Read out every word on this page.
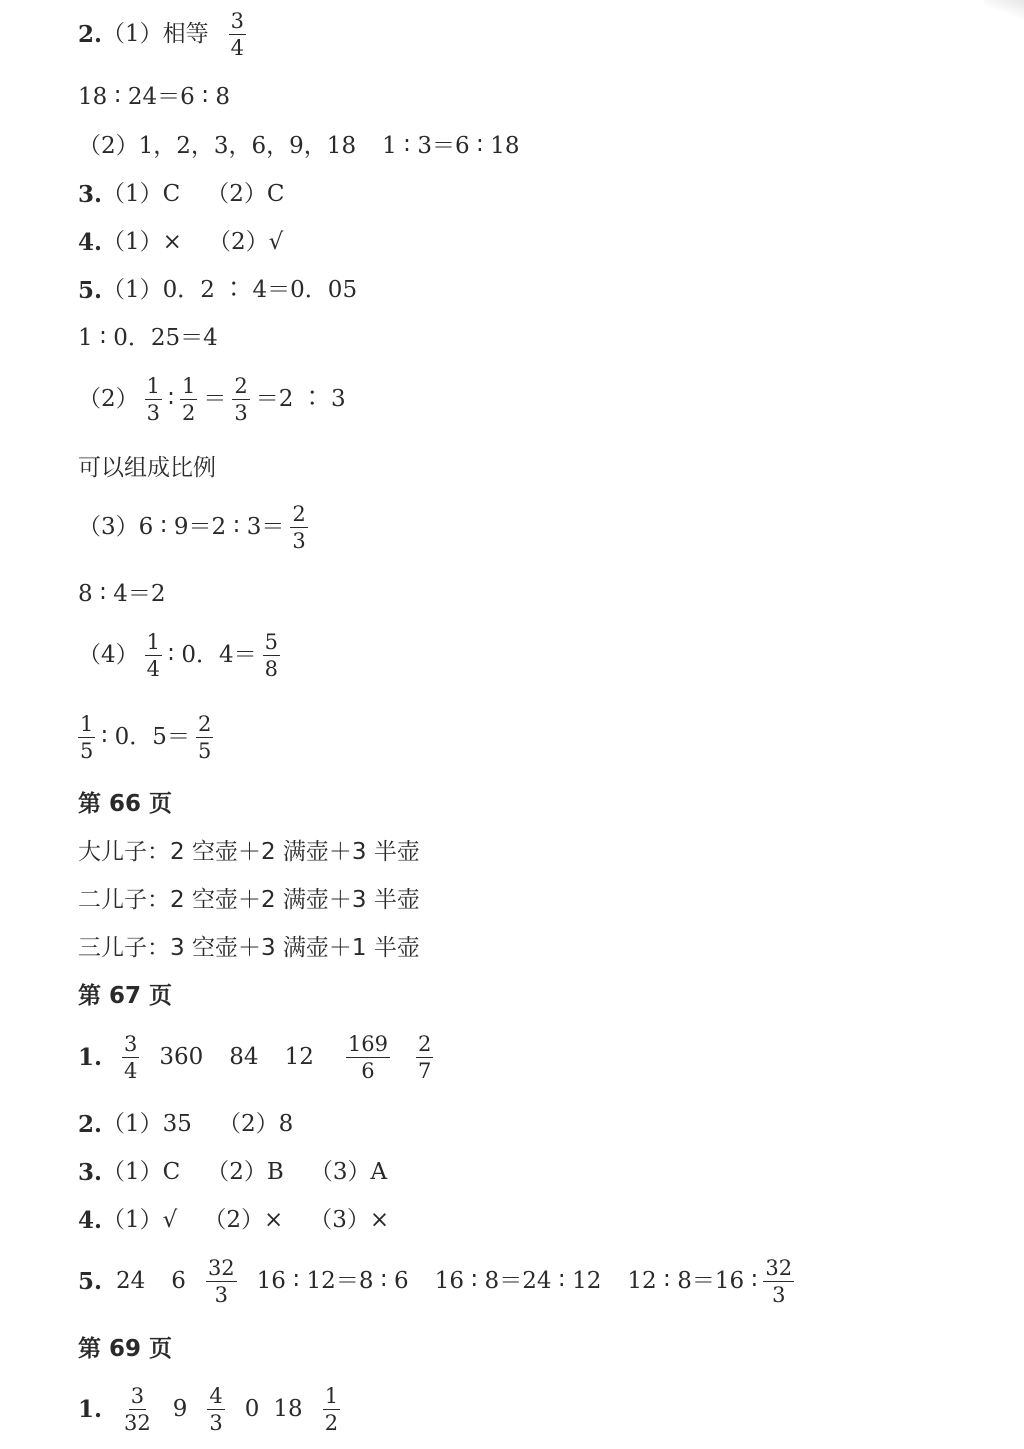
2. （1） 相等 $\frac{3}{4}$
18 ∶ 24＝6 ∶ 8
（2） 1，2，3，6，9，18 1 ∶ 3＝6 ∶ 18
3. （1） C （2） C
4. （1） × （2） √
5. （1） 0．2 ∶ 4＝0．05
1 ∶ 0．25＝4
$(2) \frac{1}{3}$ ∶ $\frac{1}{2} = \frac{2}{3} =2$ ∶ 3
可以组成比例
（3） 6 ∶ 9＝2 ∶ $3= \frac{2}{3}$
8 ∶ 4＝2
$(4) \frac{1}{4}$ ∶ 0．$4= \frac{5}{8}$
$\frac{1}{5}$ ∶ 0．$5= \frac{2}{5}$
第 66 页
大儿子：2 空壶＋2 满壶＋3 半壶
二儿子：2 空壶＋2 满壶＋3 半壶
三儿子：3 空壶＋3 满壶＋1 半壶
第 67 页
1. $\frac{3}{4} 360$ 84 $12 \frac{169}{6} \frac{2}{7}$
2. （1） 35 （2） 8
3. （1） C （2） B （3） A
4. （1） √ （2） × （3） ×
5. 24 $6 \frac{32}{3} 16$ ∶ 12＝8 ∶ 6 16 ∶ 8＝24 ∶ 12 12 ∶ 8＝16 ∶ $\frac{32}{3}$
第 69 页
1. $\frac{3}{32} 9 \frac{4}{3} 0$ $18 \frac{1}{2}$
